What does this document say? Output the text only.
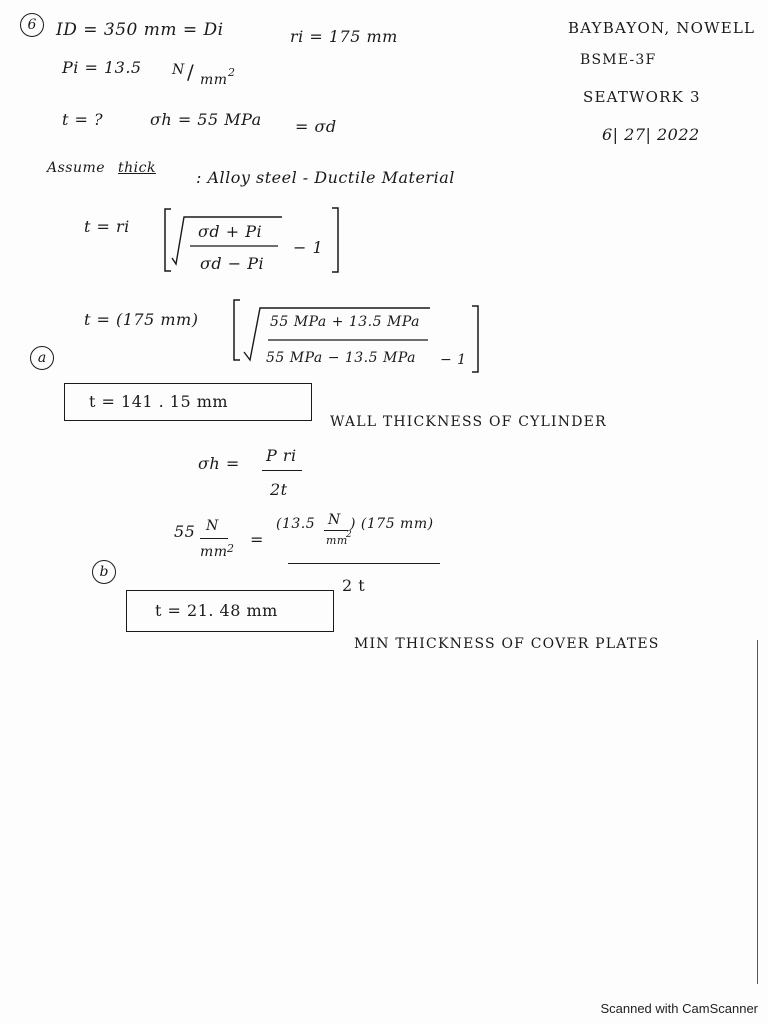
6	ID = 350 mm = Di	ri = 175 mm
Pi = 13.5 N / mm 2
t = ?	σh = 55 MPa = σd
BAYBAYON, NOWELL
BSME-3F
SEATWORK 3
6| 27| 2022
Assume thick	: Alloy steel - Ductile Material
t = ri	σd + Pi
σd − Pi
− 1
t = (175 mm)	55 MPa + 13.5 MPa
55 MPa − 13.5 MPa − 1
a
t = 141 . 15 mm
WALL THICKNESS OF CYLINDER
σh = P ri
2t
55 N
mm 2 =
(13.5 N
mm
2
) (175 mm)
2 t
b
t = 21. 48 mm
MIN THICKNESS OF COVER PLATES
Scanned with CamScanner
